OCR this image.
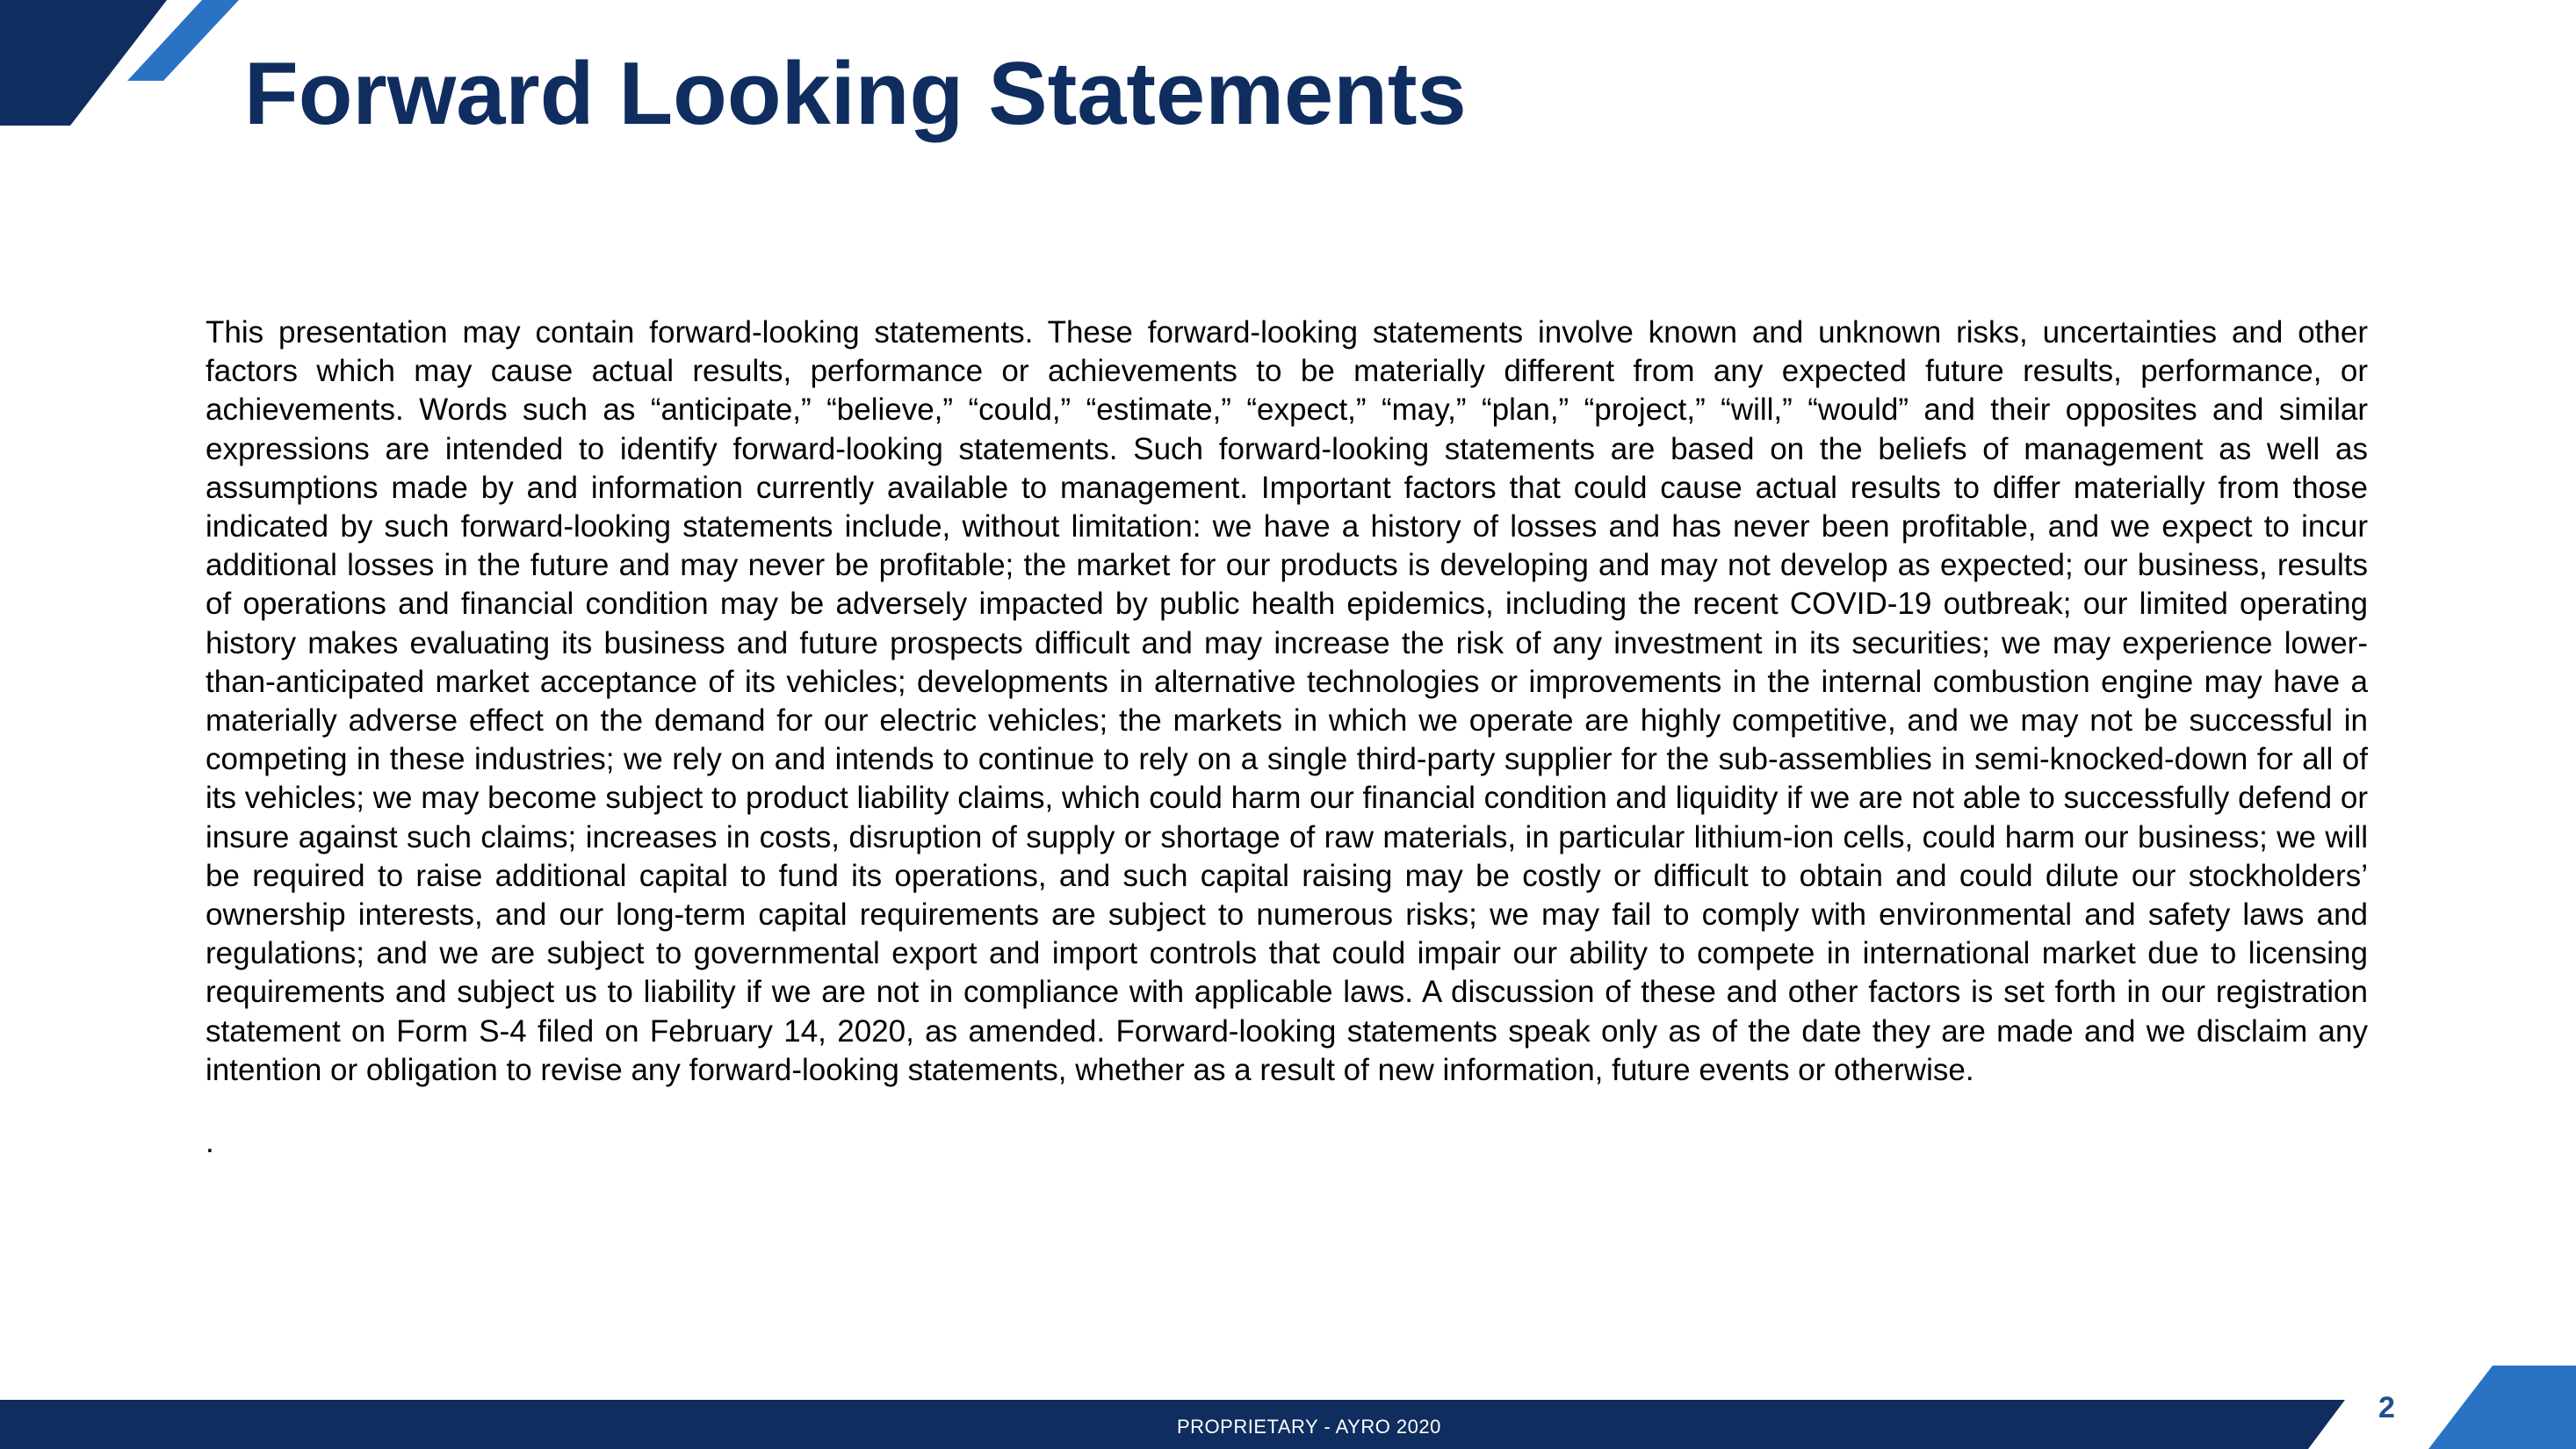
Forward Looking Statements

This presentation may contain forward-looking statements. These forward-looking statements involve known and unknown risks, uncertainties and other factors which may cause actual results, performance or achievements to be materially different from any expected future results, performance, or achievements. Words such as “anticipate,” “believe,” “could,” “estimate,” “expect,” “may,” “plan,” “project,” “will,” “would” and their opposites and similar expressions are intended to identify forward-looking statements. Such forward-looking statements are based on the beliefs of management as well as assumptions made by and information currently available to management. Important factors that could cause actual results to differ materially from those indicated by such forward-looking statements include, without limitation: we have a history of losses and has never been profitable, and we expect to incur additional losses in the future and may never be profitable; the market for our products is developing and may not develop as expected; our business, results of operations and financial condition may be adversely impacted by public health epidemics, including the recent COVID-19 outbreak; our limited operating history makes evaluating its business and future prospects difficult and may increase the risk of any investment in its securities; we may experience lower-than-anticipated market acceptance of its vehicles; developments in alternative technologies or improvements in the internal combustion engine may have a materially adverse effect on the demand for our electric vehicles; the markets in which we operate are highly competitive, and we may not be successful in competing in these industries; we rely on and intends to continue to rely on a single third-party supplier for the sub-assemblies in semi-knocked-down for all of its vehicles; we may become subject to product liability claims, which could harm our financial condition and liquidity if we are not able to successfully defend or insure against such claims; increases in costs, disruption of supply or shortage of raw materials, in particular lithium-ion cells, could harm our business; we will be required to raise additional capital to fund its operations, and such capital raising may be costly or difficult to obtain and could dilute our stockholders’ ownership interests, and our long-term capital requirements are subject to numerous risks; we may fail to comply with environmental and safety laws and regulations; and we are subject to governmental export and import controls that could impair our ability to compete in international market due to licensing requirements and subject us to liability if we are not in compliance with applicable laws. A discussion of these and other factors is set forth in our registration statement on Form S-4 filed on February 14, 2020, as amended. Forward-looking statements speak only as of the date they are made and we disclaim any intention or obligation to revise any forward-looking statements, whether as a result of new information, future events or otherwise.

.

PROPRIETARY - AYRO 2020

2
